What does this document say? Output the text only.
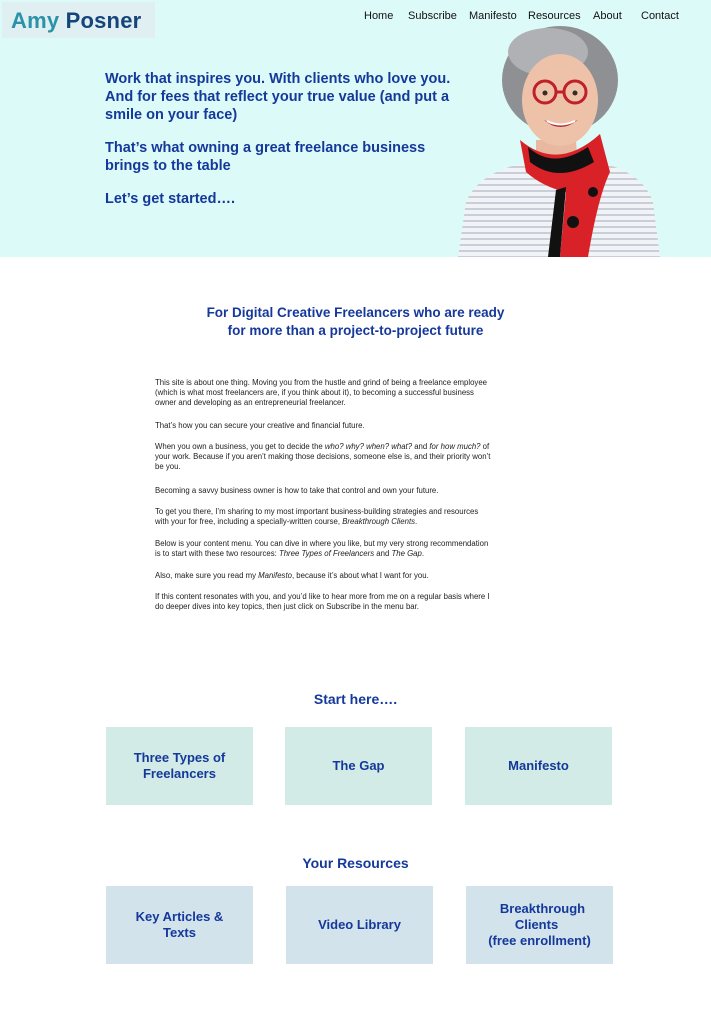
Amy Posner	Home Subscribe Manifesto Resources About Contact
Work that inspires you. With clients who love you.
And for fees that reflect your true value (and put a
smile on your face)
That’s what owning a great freelance business
brings to the table
Let’s get started….
For Digital Creative Freelancers who are ready
for more than a project-to-project future
This site is about one thing. Moving you from the hustle and grind of being a freelance employee
(which is what most freelancers are, if you think about it), to becoming a successful business
owner and developing as an entrepreneurial freelancer.
That’s how you can secure your creative and financial future.
When you own a business, you get to decide the who? why? when? what? and for how much? of
your work. Because if you aren’t making those decisions, someone else is, and their priority won’t
be you.
Becoming a savvy business owner is how to take that control and own your future.
To get you there, I’m sharing to my most important business-building strategies and resources
with your for free, including a specially-written course, Breakthrough Clients.
Below is your content menu. You can dive in where you like, but my very strong recommendation
is to start with these two resources: Three Types of Freelancers and The Gap.
Also, make sure you read my Manifesto, because it’s about what I want for you.
If this content resonates with you, and you’d like to hear more from me on a regular basis where I
do deeper dives into key topics, then just click on Subscribe in the menu bar.
Start here….
Three Types of
Freelancers
The Gap	Manifesto
Your Resources
Key Articles &
Texts
Video Library
Breakthrough Clients
(free enrollment)
